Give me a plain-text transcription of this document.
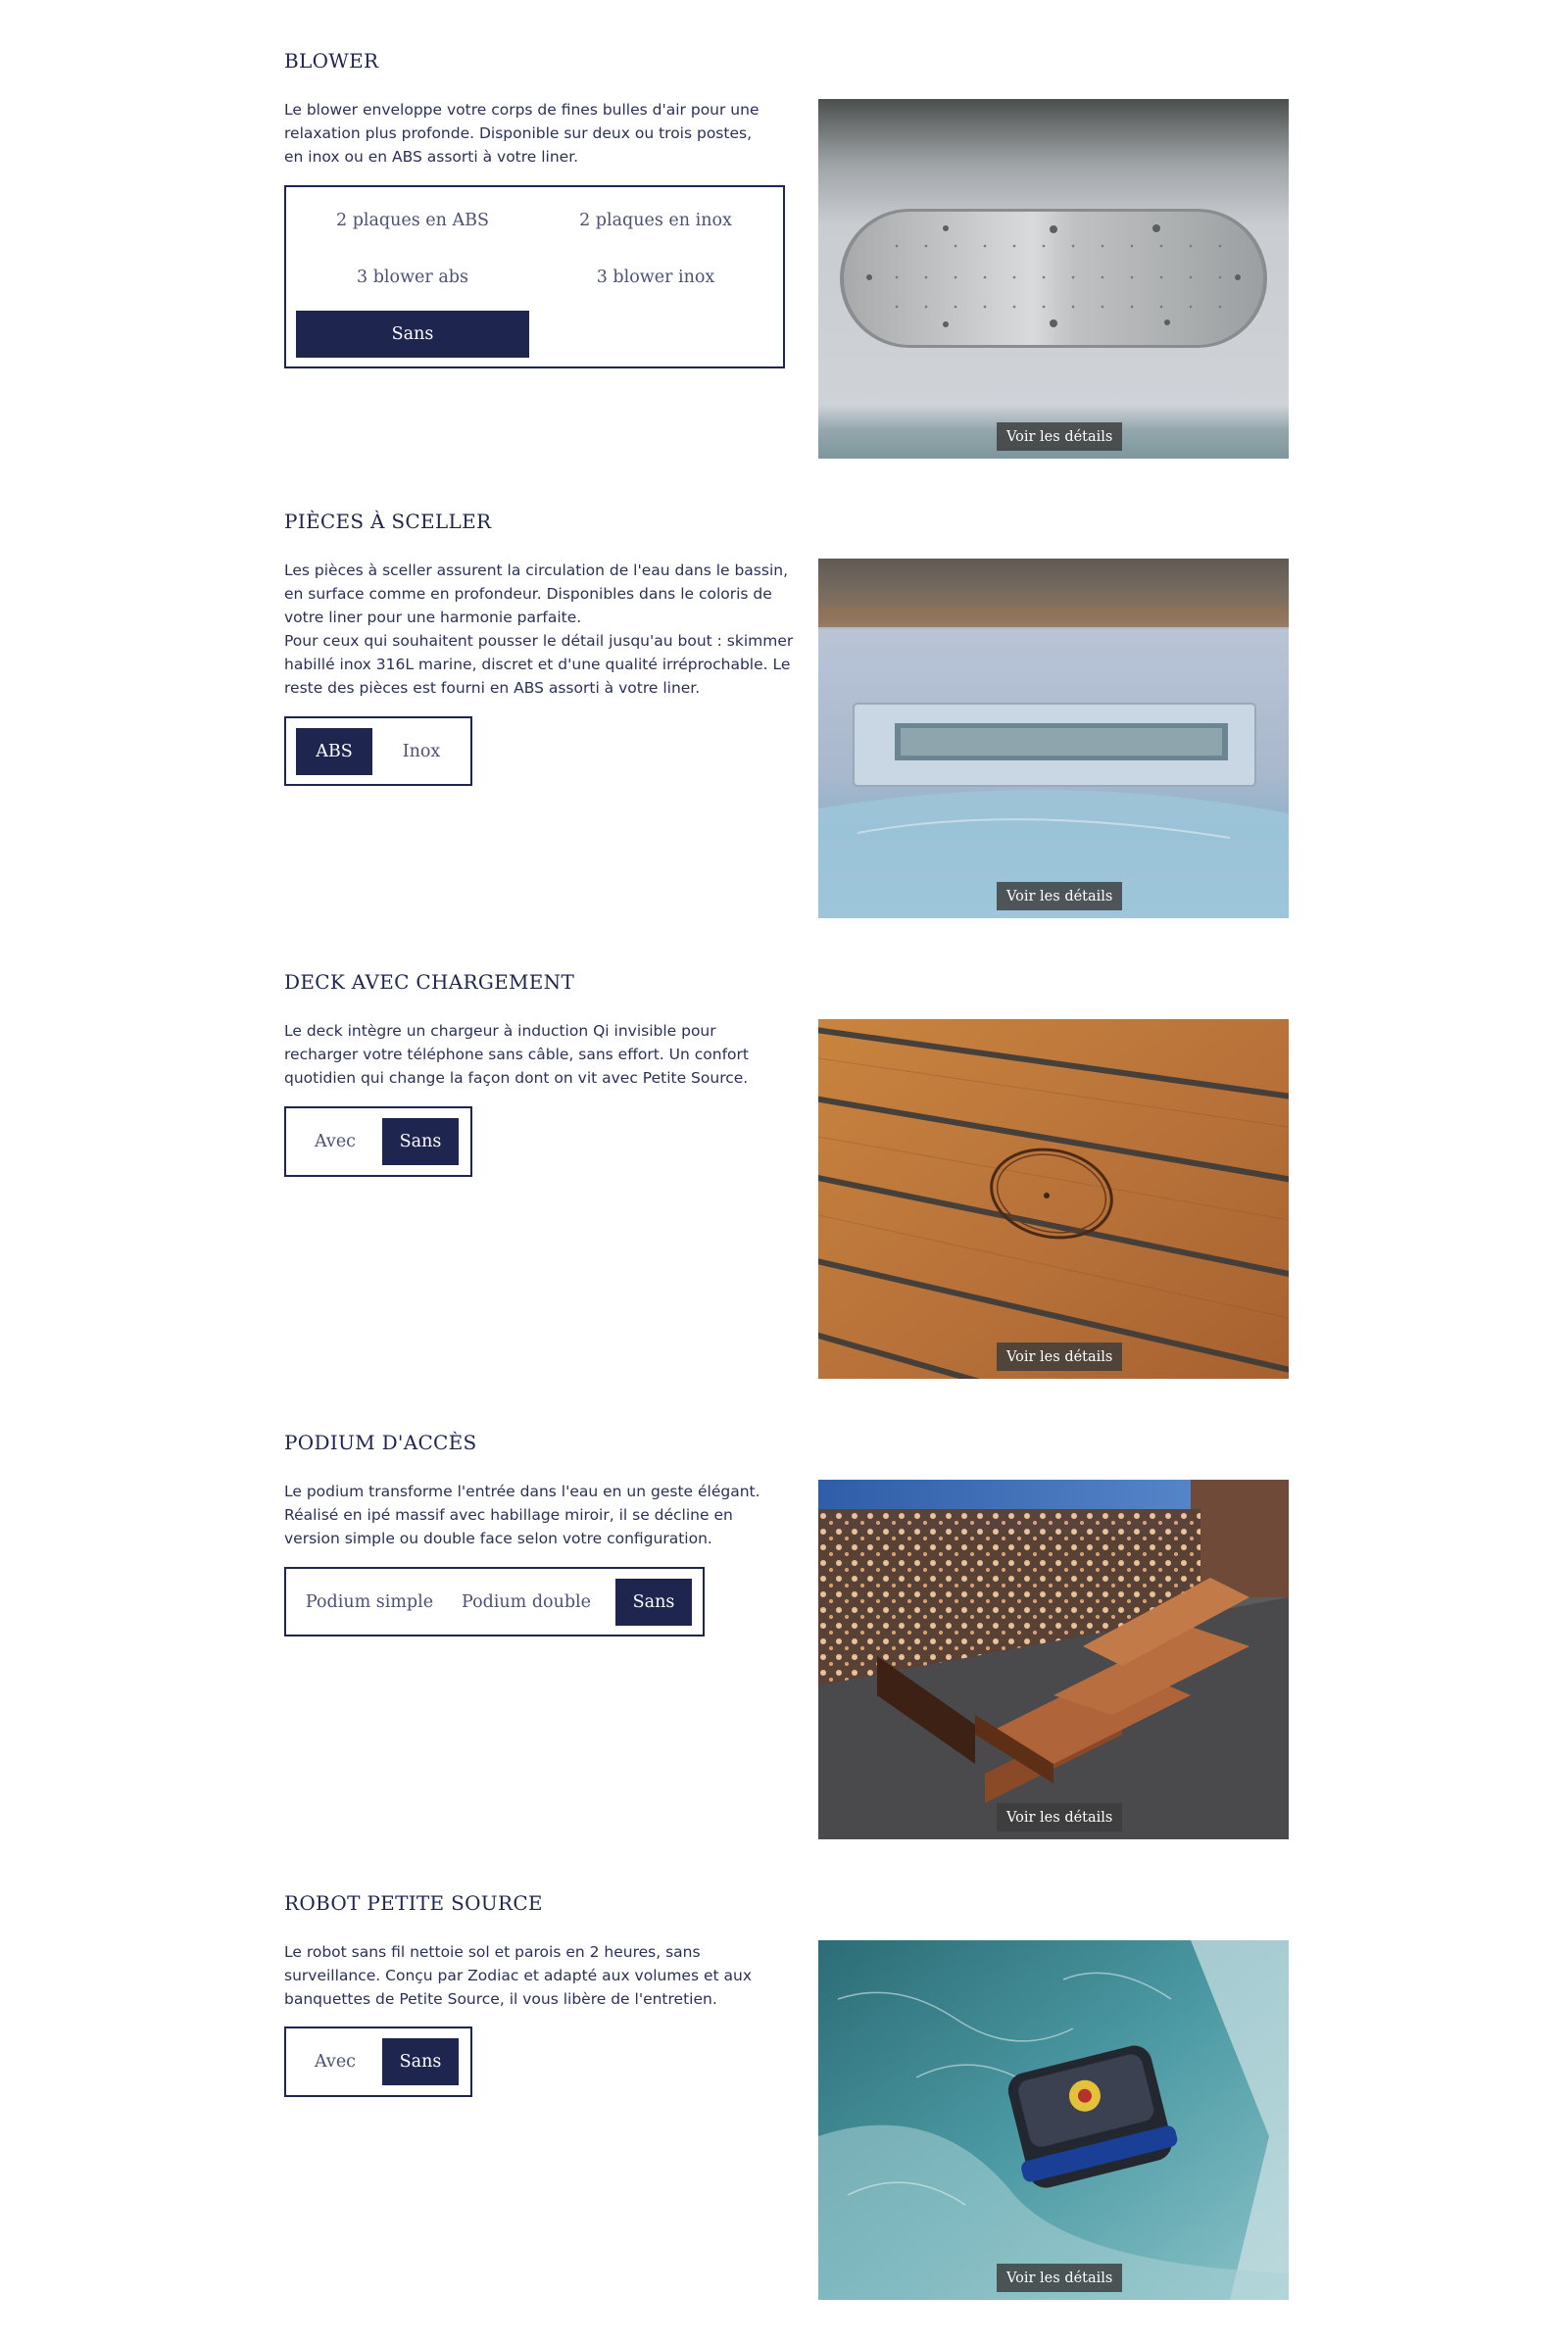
BLOWER

Le blower enveloppe votre corps de fines bulles d'air pour une relaxation plus profonde. Disponible sur deux ou trois postes, en inox ou en ABS assorti à votre liner.

2 plaques en ABS	2 plaques en inox
3 blower abs	3 blower inox
Sans
Voir les détails
PIÈCES À SCELLER

Les pièces à sceller assurent la circulation de l'eau dans le bassin, en surface comme en profondeur. Disponibles dans le coloris de votre liner pour une harmonie parfaite.
Pour ceux qui souhaitent pousser le détail jusqu'au bout : skimmer habillé inox 316L marine, discret et d'une qualité irréprochable. Le reste des pièces est fourni en ABS assorti à votre liner.

ABS	Inox
Voir les détails
DECK AVEC CHARGEMENT

Le deck intègre un chargeur à induction Qi invisible pour recharger votre téléphone sans câble, sans effort. Un confort quotidien qui change la façon dont on vit avec Petite Source.

Avec	Sans
Voir les détails
PODIUM D'ACCÈS

Le podium transforme l'entrée dans l'eau en un geste élégant. Réalisé en ipé massif avec habillage miroir, il se décline en version simple ou double face selon votre configuration.

Podium simple	Podium double	Sans
Voir les détails
ROBOT PETITE SOURCE

Le robot sans fil nettoie sol et parois en 2 heures, sans surveillance. Conçu par Zodiac et adapté aux volumes et aux banquettes de Petite Source, il vous libère de l'entretien.

Avec	Sans
Voir les détails
